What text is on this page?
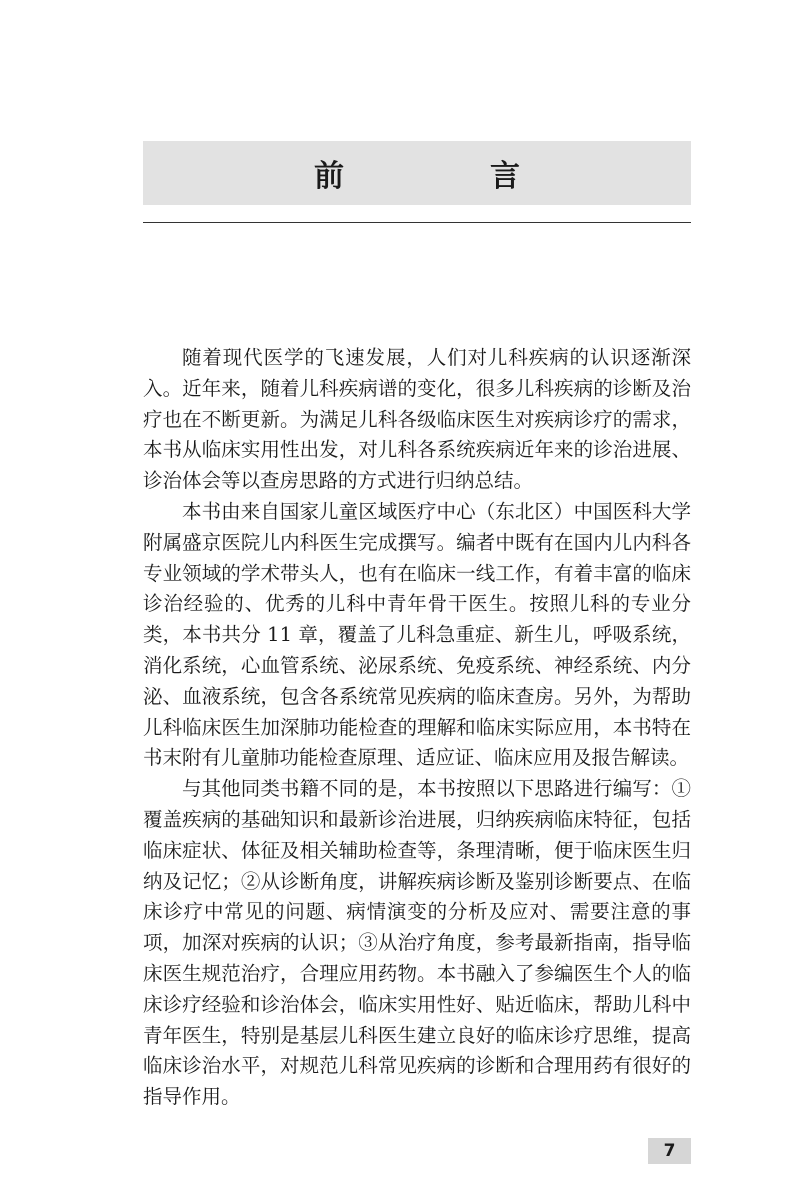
前　言

随着现代医学的飞速发展，人们对儿科疾病的认识逐渐深入。近年来，随着儿科疾病谱的变化，很多儿科疾病的诊断及治疗也在不断更新。为满足儿科各级临床医生对疾病诊疗的需求，本书从临床实用性出发，对儿科各系统疾病近年来的诊治进展、诊治体会等以查房思路的方式进行归纳总结。

本书由来自国家儿童区域医疗中心（东北区）中国医科大学附属盛京医院儿内科医生完成撰写。编者中既有在国内儿内科各专业领域的学术带头人，也有在临床一线工作，有着丰富的临床诊治经验的、优秀的儿科中青年骨干医生。按照儿科的专业分类，本书共分 11 章，覆盖了儿科急重症、新生儿，呼吸系统，消化系统，心血管系统、泌尿系统、免疫系统、神经系统、内分泌、血液系统，包含各系统常见疾病的临床查房。另外，为帮助儿科临床医生加深肺功能检查的理解和临床实际应用，本书特在书末附有儿童肺功能检查原理、适应证、临床应用及报告解读。

与其他同类书籍不同的是，本书按照以下思路进行编写：①覆盖疾病的基础知识和最新诊治进展，归纳疾病临床特征，包括临床症状、体征及相关辅助检查等，条理清晰，便于临床医生归纳及记忆；②从诊断角度，讲解疾病诊断及鉴别诊断要点、在临床诊疗中常见的问题、病情演变的分析及应对、需要注意的事项，加深对疾病的认识；③从治疗角度，参考最新指南，指导临床医生规范治疗，合理应用药物。本书融入了参编医生个人的临床诊疗经验和诊治体会，临床实用性好、贴近临床，帮助儿科中青年医生，特别是基层儿科医生建立良好的临床诊疗思维，提高临床诊治水平，对规范儿科常见疾病的诊断和合理用药有很好的指导作用。

7
